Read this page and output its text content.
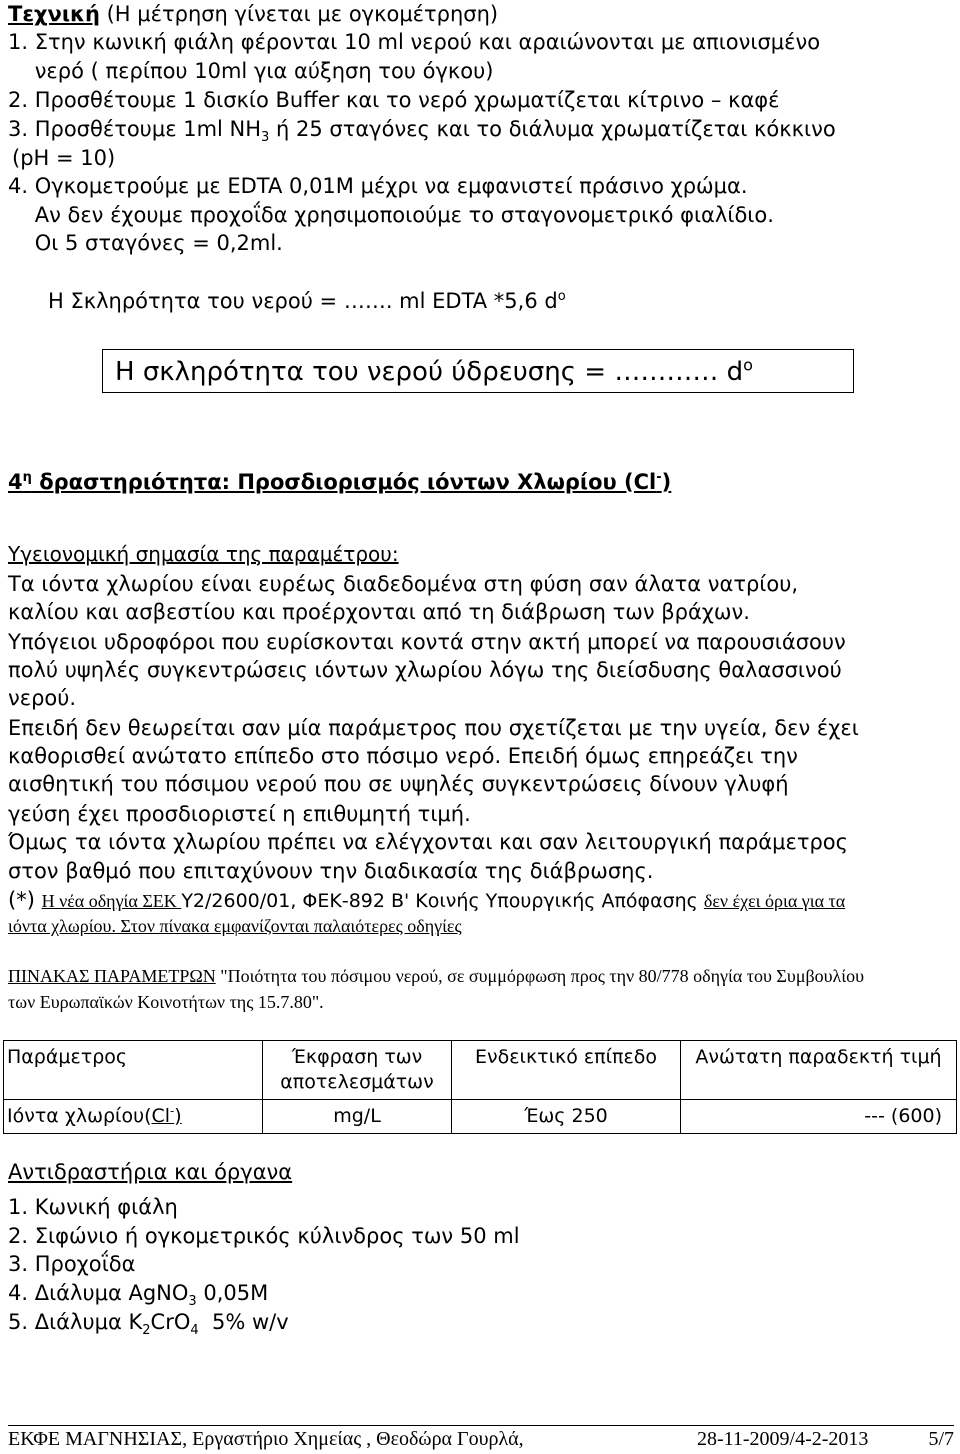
Τεχνική (Η μέτρηση γίνεται με ογκομέτρηση)
1. Στην κωνική φιάλη φέρονται 10 ml νερού και αραιώνονται με απιονισμένο
νερό ( περίπου 10ml για αύξηση του όγκου)
2. Προσθέτουμε 1 δισκίο Buffer και το νερό χρωματίζεται κίτρινο – καφέ
3. Προσθέτουμε 1ml $NH_3$ ή 25 σταγόνες και το διάλυμα χρωματίζεται κόκκινο
(pH = 10)
4. Ογκομετρούμε με EDTA 0,01M μέχρι να εμφανιστεί πράσινο χρώμα.
Αν δεν έχουμε προχοΐδα χρησιμοποιούμε το σταγονομετρικό φιαλίδιο.
Οι 5 σταγόνες = 0,2ml.
Η Σκληρότητα του νερού = ……. ml EDTA *5,6 $d^o$
Η σκληρότητα του νερού ύδρευσης = ………… $d^o$
$4^\eta$ δραστηριότητα: Προσδιορισμός ιόντων Χλωρίου (Cl-)
Υγειονομική σημασία της παραμέτρου:
Τα ιόντα χλωρίου είναι ευρέως διαδεδομένα στη φύση σαν άλατα νατρίου,
καλίου και ασβεστίου και προέρχονται από τη διάβρωση των βράχων.
Υπόγειοι υδροφόροι που ευρίσκονται κοντά στην ακτή μπορεί να παρουσιάσουν
πολύ υψηλές συγκεντρώσεις ιόντων χλωρίου λόγω της διείσδυσης θαλασσινού
νερού.
Επειδή δεν θεωρείται σαν μία παράμετρος που σχετίζεται με την υγεία, δεν έχει
καθορισθεί ανώτατο επίπεδο στο πόσιμο νερό. Επειδή όμως επηρεάζει την
αισθητική του πόσιμου νερού που σε υψηλές συγκεντρώσεις δίνουν γλυφή
γεύση έχει προσδιοριστεί η επιθυμητή τιμή.
Όμως τα ιόντα χλωρίου πρέπει να ελέγχονται και σαν λειτουργική παράμετρος
στον βαθμό που επιταχύνουν την διαδικασία της διάβρωσης.
(*) Η νέα οδηγία ΣΕΚ Υ2/2600/01, ΦΕΚ-892 Β' Κοινής Υπουργικής Απόφασης δεν έχει όρια για τα
ιόντα χλωρίου. Στον πίνακα εμφανίζονται παλαιότερες οδηγίες
ΠΙΝΑΚΑΣ ΠΑΡΑΜΕΤΡΩΝ "Ποιότητα του πόσιμου νερού, σε συμμόρφωση προς την 80/778 οδηγία του Συμβουλίου
των Ευρωπαϊκών Κοινοτήτων της 15.7.80".
Παράμετρος	Έκφραση των αποτελεσμάτων	Ενδεικτικό επίπεδο	Ανώτατη παραδεκτή τιμή
Ιόντα χλωρίου(Cl-)	mg/L	Έως 250	--- (600)
Αντιδραστήρια και όργανα
1. Κωνική φιάλη
2. Σιφώνιο ή ογκομετρικός κύλινδρος των 50 ml
3. Προχοΐδα
4. Διάλυμα AgNO$_3$ 0,05M
5. Διάλυμα $K_2CrO_4$  5% w/v
ΕΚΦΕ ΜΑΓΝΗΣΙΑΣ, Εργαστήριο Χημείας , Θεοδώρα Γουρλά,	28-11-2009/4-2-2013	5/7
